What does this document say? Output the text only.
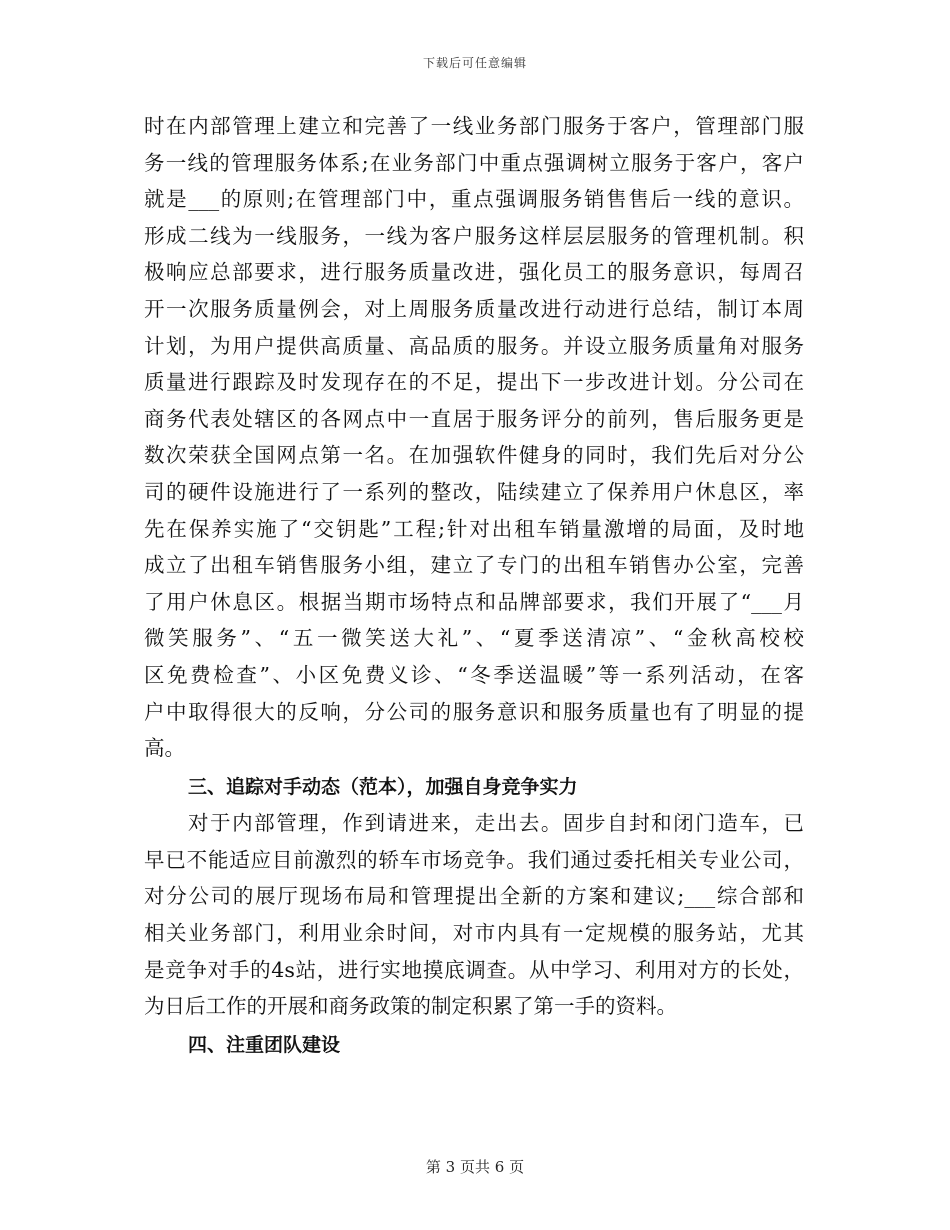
下载后可任意编辑
时在内部管理上建立和完善了一线业务部门服务于客户，管理部门服
务一线的管理服务体系;在业务部门中重点强调树立服务于客户，客户
就是___的原则;在管理部门中，重点强调服务销售售后一线的意识。
形成二线为一线服务，一线为客户服务这样层层服务的管理机制。积
极响应总部要求，进行服务质量改进，强化员工的服务意识，每周召
开一次服务质量例会，对上周服务质量改进行动进行总结，制订本周
计划，为用户提供高质量、高品质的服务。并设立服务质量角对服务
质量进行跟踪及时发现存在的不足，提出下一步改进计划。分公司在
商务代表处辖区的各网点中一直居于服务评分的前列，售后服务更是
数次荣获全国网点第一名。在加强软件健身的同时，我们先后对分公
司的硬件设施进行了一系列的整改，陆续建立了保养用户休息区，率
先在保养实施了“交钥匙”工程;针对出租车销量激增的局面，及时地
成立了出租车销售服务小组，建立了专门的出租车销售办公室，完善
了用户休息区。根据当期市场特点和品牌部要求，我们开展了“___月
微笑服务”、“五一微笑送大礼”、“夏季送清凉”、“金秋高校校
区免费检查”、小区免费义诊、“冬季送温暖”等一系列活动，在客
户中取得很大的反响，分公司的服务意识和服务质量也有了明显的提
高。
三、追踪对手动态（范本），加强自身竞争实力
对于内部管理，作到请进来，走出去。固步自封和闭门造车，已
早已不能适应目前激烈的轿车市场竞争。我们通过委托相关专业公司，
对分公司的展厅现场布局和管理提出全新的方案和建议;___综合部和
相关业务部门，利用业余时间，对市内具有一定规模的服务站，尤其
是竞争对手的4s站，进行实地摸底调查。从中学习、利用对方的长处，
为日后工作的开展和商务政策的制定积累了第一手的资料。
四、注重团队建设
第 3 页共 6 页
